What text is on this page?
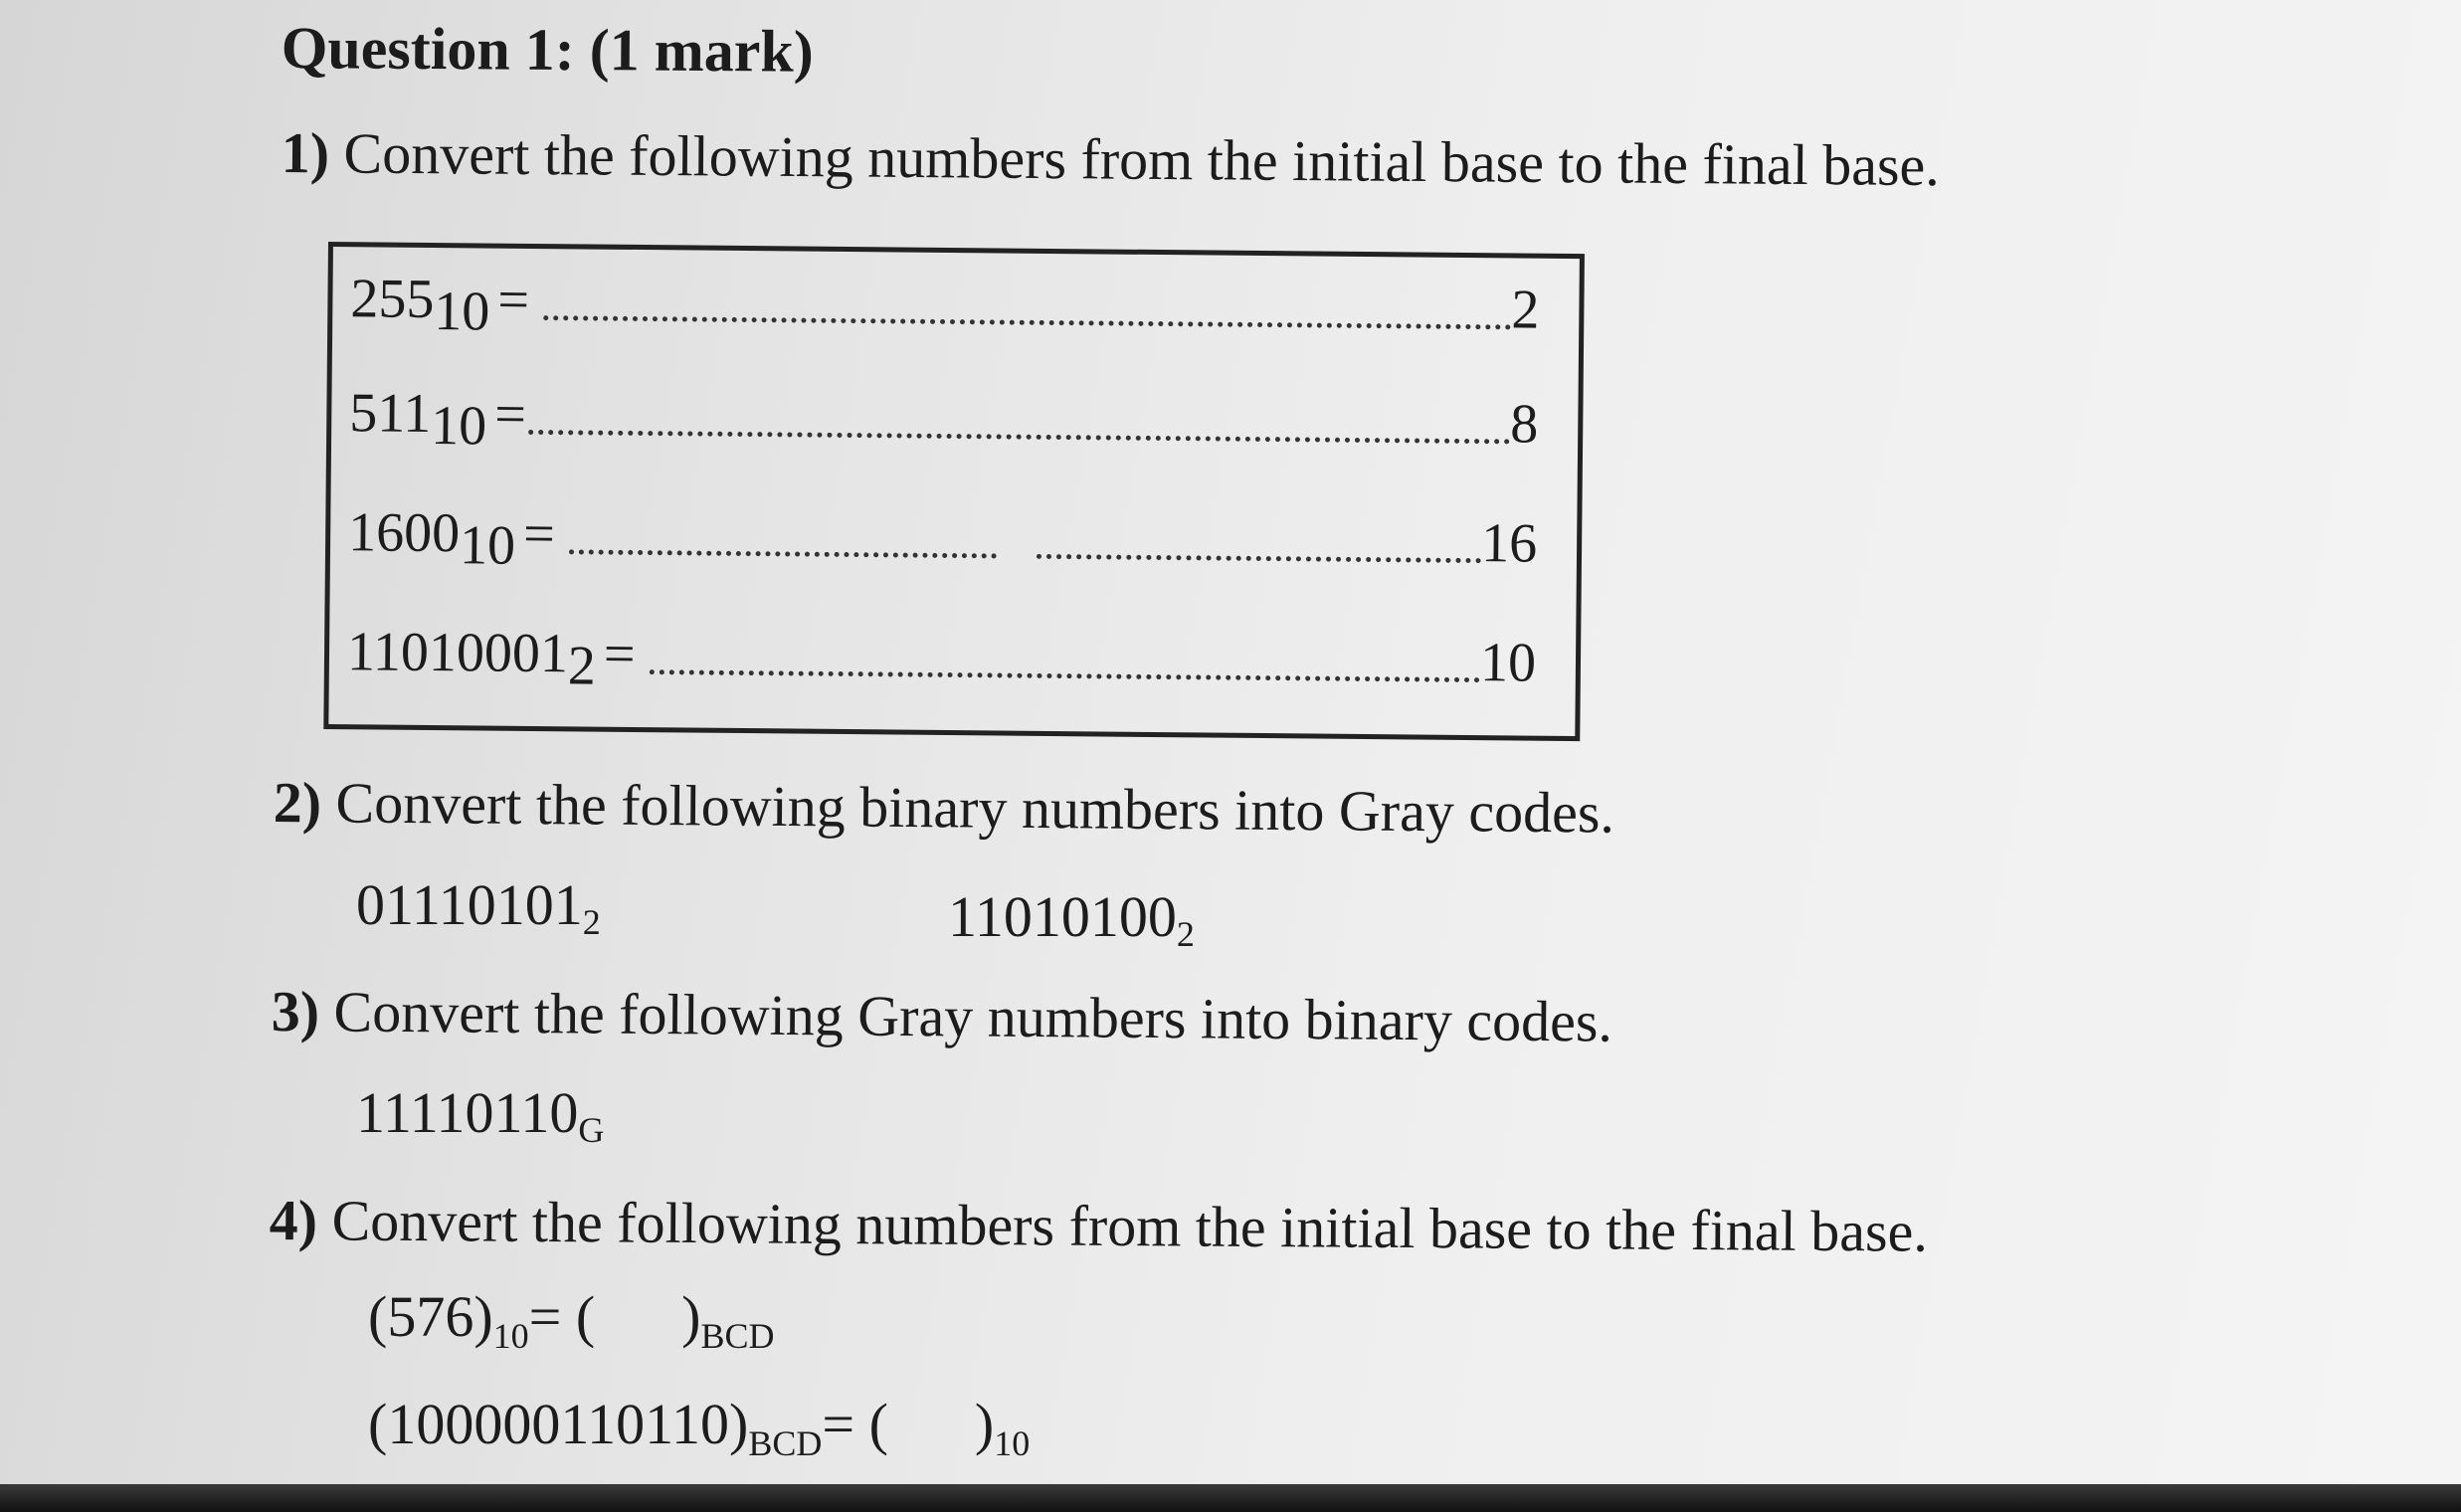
Question 1: (1 mark)
1) Convert the following numbers from the initial base to the final base.
$255_{10}$ =	2
$511_{10}$ =	8
$1600_{10}$ =	16
$11010001_2$ =	10
2) Convert the following binary numbers into Gray codes.
$01110101_2$	$11010100_2$
3) Convert the following Gray numbers into binary codes.
$11110110_G$
4) Convert the following numbers from the initial base to the final base.
$(576)_{10}=$ (      )$_{BCD}$
$(100000110110)_{BCD}=$ (      )$_{10}$
